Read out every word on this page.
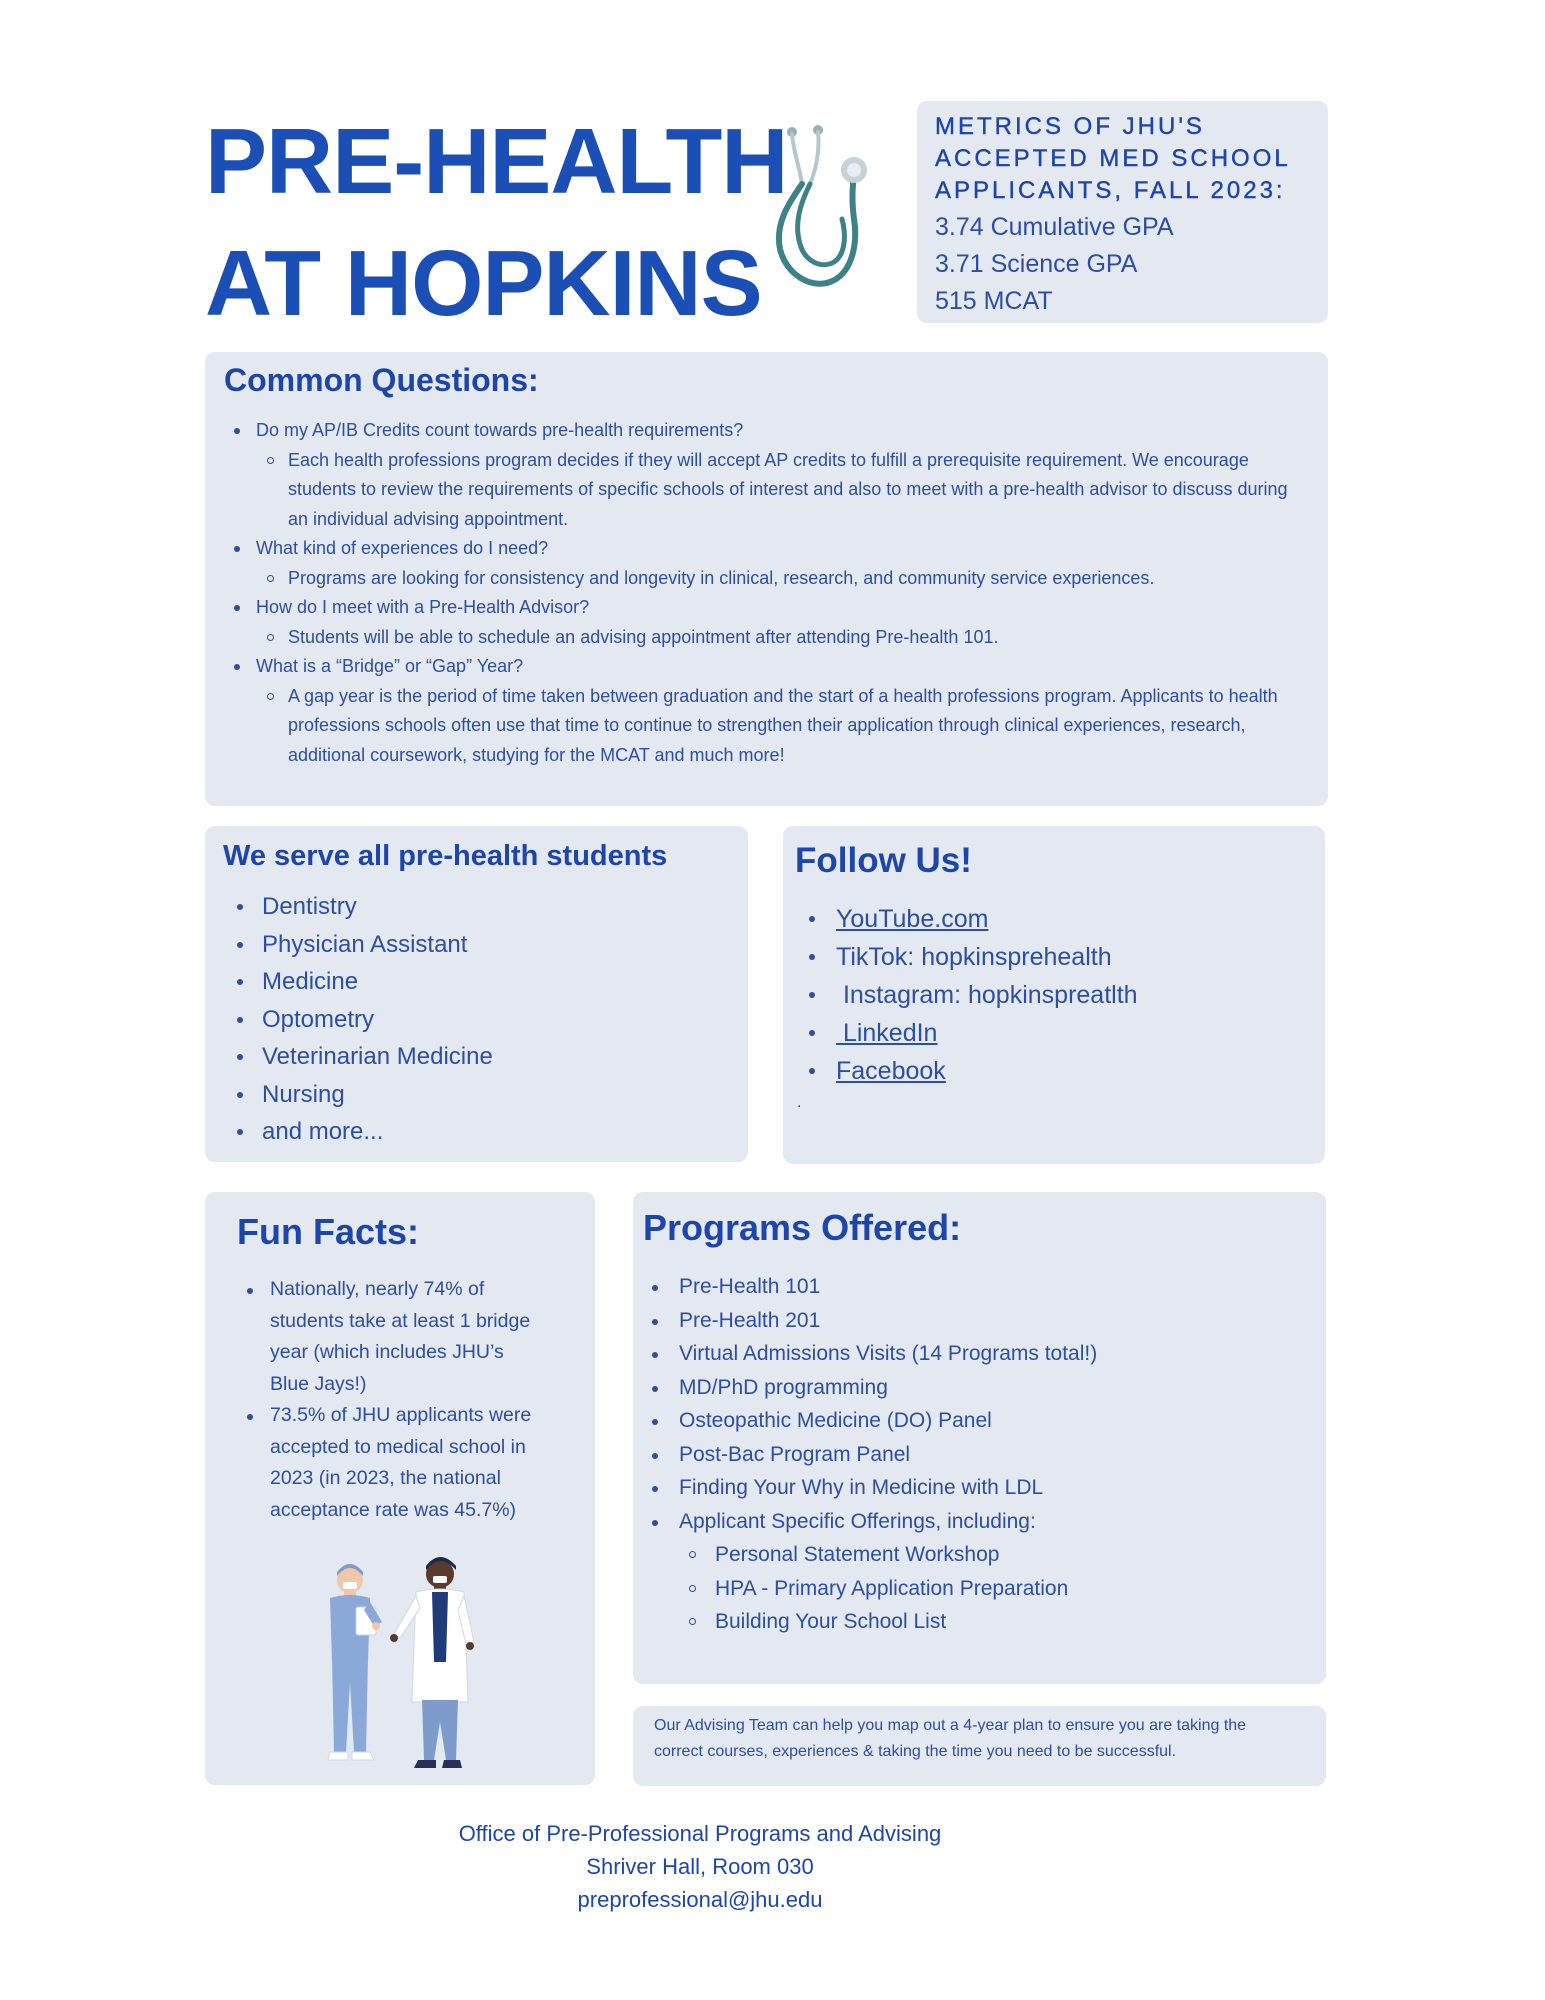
PRE-HEALTH
AT HOPKINS
METRICS OF JHU'S
ACCEPTED MED SCHOOL
APPLICANTS, FALL 2023:
3.74 Cumulative GPA
3.71 Science GPA
515 MCAT
Common Questions:
Do my AP/IB Credits count towards pre-health requirements?
Each health professions program decides if they will accept AP credits to fulfill a prerequisite requirement. We encourage students to review the requirements of specific schools of interest and also to meet with a pre-health advisor to discuss during an individual advising appointment.
What kind of experiences do I need?
Programs are looking for consistency and longevity in clinical, research, and community service experiences.
How do I meet with a Pre-Health Advisor?
Students will be able to schedule an advising appointment after attending Pre-health 101.
What is a “Bridge” or “Gap” Year?
A gap year is the period of time taken between graduation and the start of a health professions program. Applicants to health professions schools often use that time to continue to strengthen their application through clinical experiences, research, additional coursework, studying for the MCAT and much more!
We serve all pre-health students
Dentistry
Physician Assistant
Medicine
Optometry
Veterinarian Medicine
Nursing
and more...
Follow Us!
YouTube.com
TikTok: hopkinsprehealth
Instagram: hopkinspreatlth
LinkedIn
Facebook
.
Fun Facts:
Nationally, nearly 74% of students take at least 1 bridge year (which includes JHU’s Blue Jays!)
73.5% of JHU applicants were accepted to medical school in 2023 (in 2023, the national acceptance rate was 45.7%)
Programs Offered:
Pre-Health 101
Pre-Health 201
Virtual Admissions Visits (14 Programs total!)
MD/PhD programming
Osteopathic Medicine (DO) Panel
Post-Bac Program Panel
Finding Your Why in Medicine with LDL
Applicant Specific Offerings, including:
Personal Statement Workshop
HPA - Primary Application Preparation
Building Your School List
Our Advising Team can help you map out a 4-year plan to ensure you are taking the correct courses, experiences & taking the time you need to be successful.
Office of Pre-Professional Programs and Advising
Shriver Hall, Room 030
preprofessional@jhu.edu
